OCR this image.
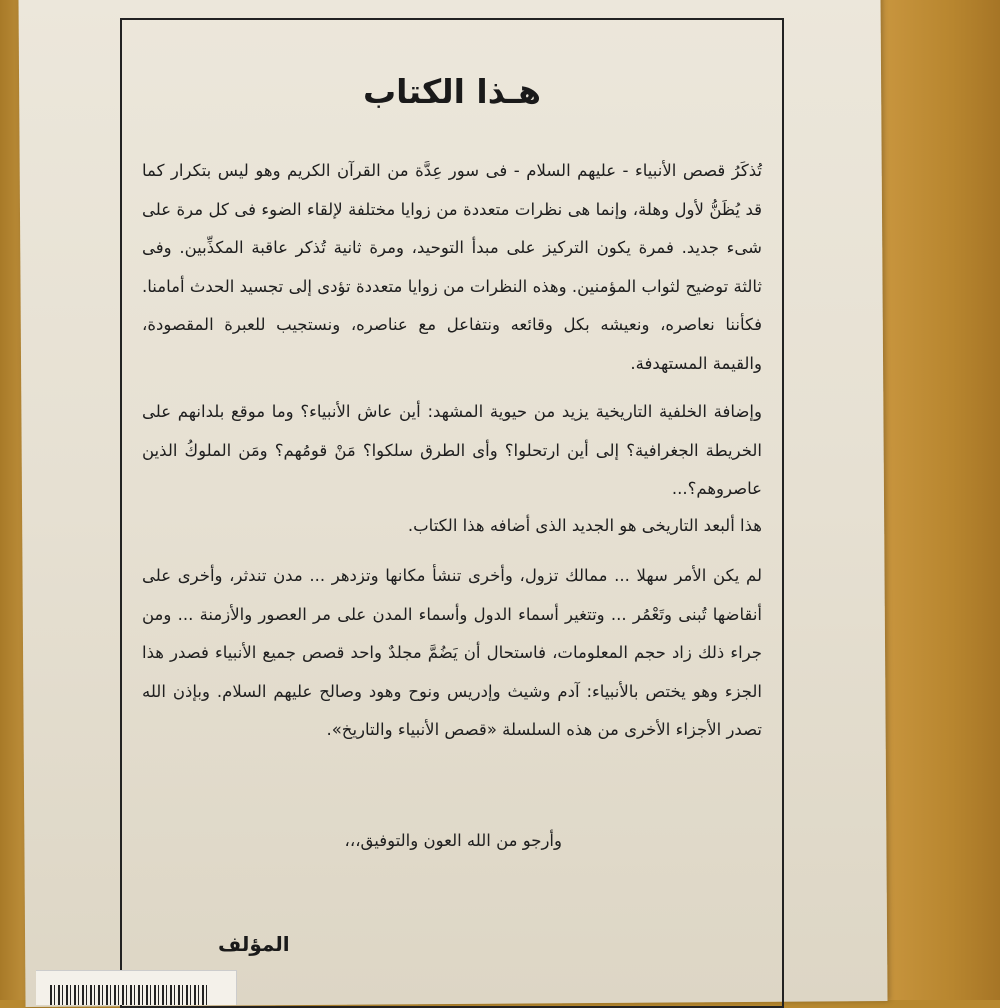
هـذا الكتاب
تُذكَرُ قصص الأنبياء - عليهم السلام - فى سور عِدَّة من القرآن الكريم وهو ليس بتكرار كما قد يُظَنُّ لأول وهلة، وإنما هى نظرات متعددة من زوايا مختلفة لإلقاء الضوء فى كل مرة على شىء جديد. فمرة يكون التركيز على مبدأ التوحيد، ومرة ثانية تُذكر عاقبة المكذِّبين. وفى ثالثة توضيح لثواب المؤمنين. وهذه النظرات من زوايا متعددة تؤدى إلى تجسيد الحدث أمامنا. فكأننا نعاصره، ونعيشه بكل وقائعه ونتفاعل مع عناصره، ونستجيب للعبرة المقصودة، والقيمة المستهدفة.
وإضافة الخلفية التاريخية يزيد من حيوية المشهد: أين عاش الأنبياء؟ وما موقع بلدانهم على الخريطة الجغرافية؟ إلى أين ارتحلوا؟ وأى الطرق سلكوا؟ مَنْ قومُهم؟ ومَن الملوكُ الذين عاصروهم؟...
هذا ألبعد التاريخى هو الجديد الذى أضافه هذا الكتاب.
لم يكن الأمر سهلا ... ممالك تزول، وأخرى تنشأ مكانها وتزدهر ... مدن تندثر، وأخرى على أنقاضها تُبنى وتَعْمُر ... وتتغير أسماء الدول وأسماء المدن على مر العصور والأزمنة ... ومن جراء ذلك زاد حجم المعلومات، فاستحال أن يَضُمَّ مجلدٌ واحد قصص جميع الأنبياء فصدر هذا الجزء وهو يختص بالأنبياء: آدم وشيث وإدريس ونوح وهود وصالح عليهم السلام. وبإذن الله تصدر الأجزاء الأخرى من هذه السلسلة «قصص الأنبياء والتاريخ».
وأرجو من الله العون والتوفيق،،،
المؤلف
